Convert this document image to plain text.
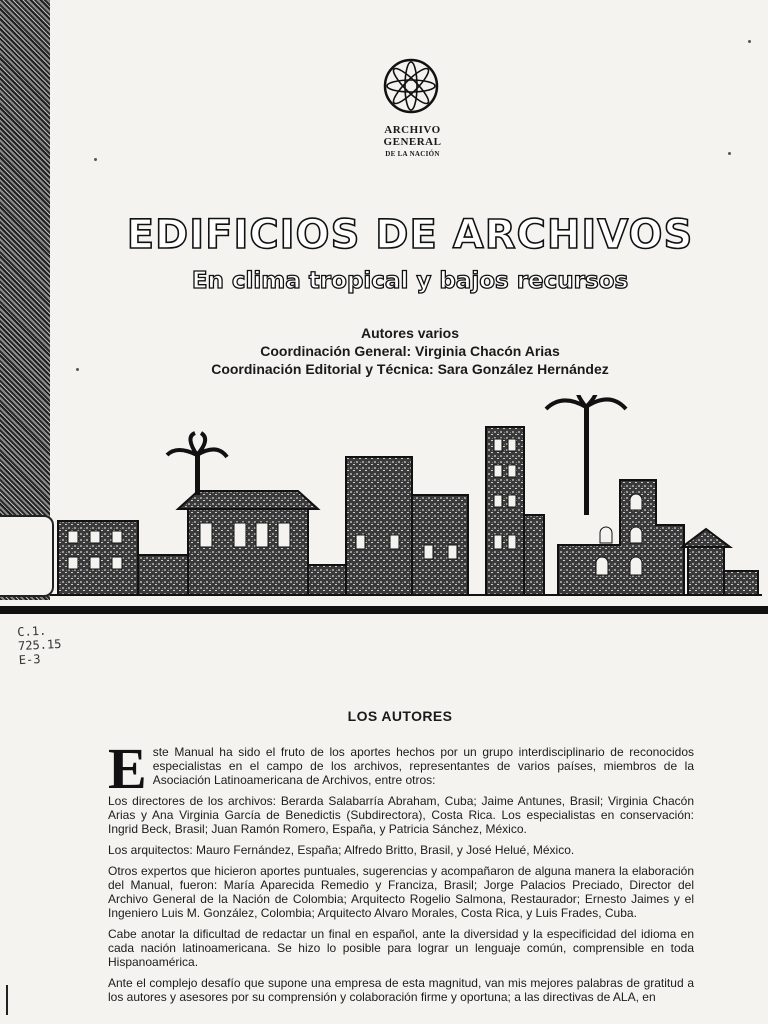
ARCHIVO
GENERAL
DE LA NACIÓN
EDIFICIOS DE ARCHIVOS
En clima tropical y bajos recursos
Autores varios
Coordinación General: Virginia Chacón Arias
Coordinación Editorial y Técnica: Sara González Hernández
C.1.
725.15
E-3
LOS AUTORES

E ste Manual ha sido el fruto de los aportes hechos por un grupo interdisciplinario de reconocidos especialistas en el campo de los archivos, representantes de varios países, miembros de la Asociación Latinoamericana de Archivos, entre otros:

Los directores de los archivos: Berarda Salabarría Abraham, Cuba; Jaime Antunes, Brasil; Virginia Chacón Arias y Ana Virginia García de Benedictis (Subdirectora), Costa Rica. Los especialistas en conservación: Ingrid Beck, Brasil; Juan Ramón Romero, España, y Patricia Sánchez, México.

Los arquitectos: Mauro Fernández, España; Alfredo Britto, Brasil, y José Helué, México.

Otros expertos que hicieron aportes puntuales, sugerencias y acompañaron de alguna manera la elaboración del Manual, fueron: María Aparecida Remedio y Franciza, Brasil; Jorge Palacios Preciado, Director del Archivo General de la Nación de Colombia; Arquitecto Rogelio Salmona, Restaurador; Ernesto Jaimes y el Ingeniero Luis M. González, Colombia; Arquitecto Alvaro Morales, Costa Rica, y Luis Frades, Cuba.

Cabe anotar la dificultad de redactar un final en español, ante la diversidad y la especificidad del idioma en cada nación latinoamericana. Se hizo lo posible para lograr un lenguaje común, comprensible en toda Hispanoamérica.

Ante el complejo desafío que supone una empresa de esta magnitud, van mis mejores palabras de gratitud a los autores y asesores por su comprensión y colaboración firme y oportuna; a las directivas de ALA, en
